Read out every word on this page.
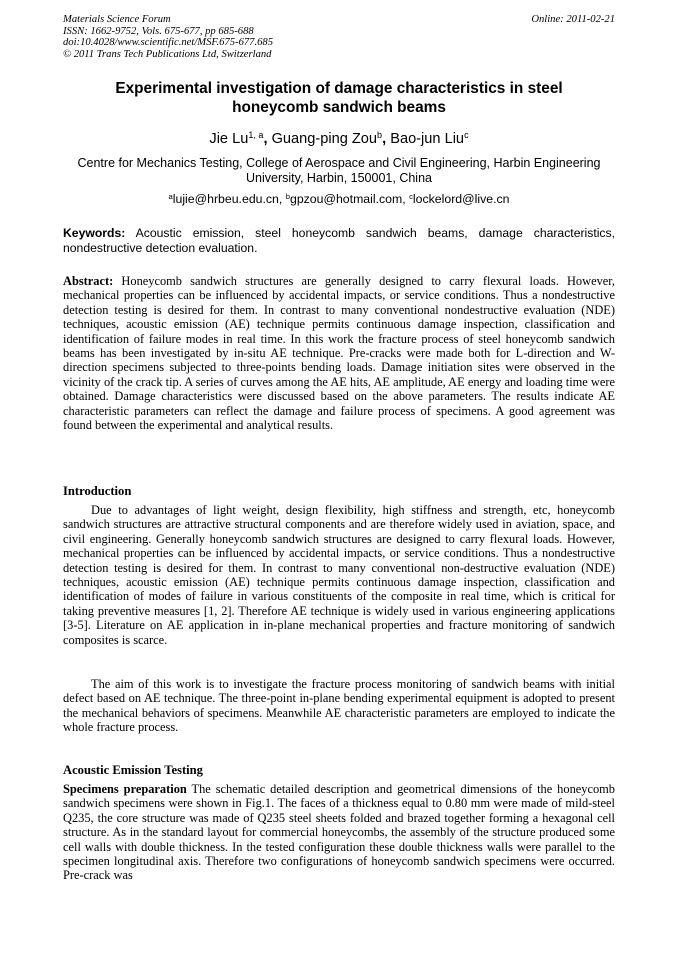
Materials Science Forum
ISSN: 1662-9752, Vols. 675-677, pp 685-688
doi:10.4028/www.scientific.net/MSF.675-677.685
© 2011 Trans Tech Publications Ltd, Switzerland
Online: 2011-02-21
Experimental investigation of damage characteristics in steel
honeycomb sandwich beams
Jie Lu$^{1, a}$, Guang-ping Zou$^b$, Bao-jun Liu$^c$
Centre for Mechanics Testing, College of Aerospace and Civil Engineering, Harbin Engineering
University, Harbin, 150001, China
$^a$lujie@hrbeu.edu.cn, $^b$gpzou@hotmail.com, $^c$lockelord@live.cn

Keywords: Acoustic emission, steel honeycomb sandwich beams, damage characteristics, nondestructive detection evaluation.

Abstract: Honeycomb sandwich structures are generally designed to carry flexural loads. However, mechanical properties can be influenced by accidental impacts, or service conditions. Thus a nondestructive detection testing is desired for them. In contrast to many conventional nondestructive evaluation (NDE) techniques, acoustic emission (AE) technique permits continuous damage inspection, classification and identification of failure modes in real time. In this work the fracture process of steel honeycomb sandwich beams has been investigated by in-situ AE technique. Pre-cracks were made both for L-direction and W-direction specimens subjected to three-points bending loads. Damage initiation sites were observed in the vicinity of the crack tip. A series of curves among the AE hits, AE amplitude, AE energy and loading time were obtained. Damage characteristics were discussed based on the above parameters. The results indicate AE characteristic parameters can reflect the damage and failure process of specimens. A good agreement was found between the experimental and analytical results.

Introduction

Due to advantages of light weight, design flexibility, high stiffness and strength, etc, honeycomb sandwich structures are attractive structural components and are therefore widely used in aviation, space, and civil engineering. Generally honeycomb sandwich structures are designed to carry flexural loads. However, mechanical properties can be influenced by accidental impacts, or service conditions. Thus a nondestructive detection testing is desired for them. In contrast to many conventional non-destructive evaluation (NDE) techniques, acoustic emission (AE) technique permits continuous damage inspection, classification and identification of modes of failure in various constituents of the composite in real time, which is critical for taking preventive measures [1, 2]. Therefore AE technique is widely used in various engineering applications [3-5]. Literature on AE application in in-plane mechanical properties and fracture monitoring of sandwich composites is scarce.

The aim of this work is to investigate the fracture process monitoring of sandwich beams with initial defect based on AE technique. The three-point in-plane bending experimental equipment is adopted to present the mechanical behaviors of specimens. Meanwhile AE characteristic parameters are employed to indicate the whole fracture process.

Acoustic Emission Testing

Specimens preparation The schematic detailed description and geometrical dimensions of the honeycomb sandwich specimens were shown in Fig.1. The faces of a thickness equal to 0.80 mm were made of mild-steel Q235, the core structure was made of Q235 steel sheets folded and brazed together forming a hexagonal cell structure. As in the standard layout for commercial honeycombs, the assembly of the structure produced some cell walls with double thickness. In the tested configuration these double thickness walls were parallel to the specimen longitudinal axis. Therefore two configurations of honeycomb sandwich specimens were occurred. Pre-crack was
